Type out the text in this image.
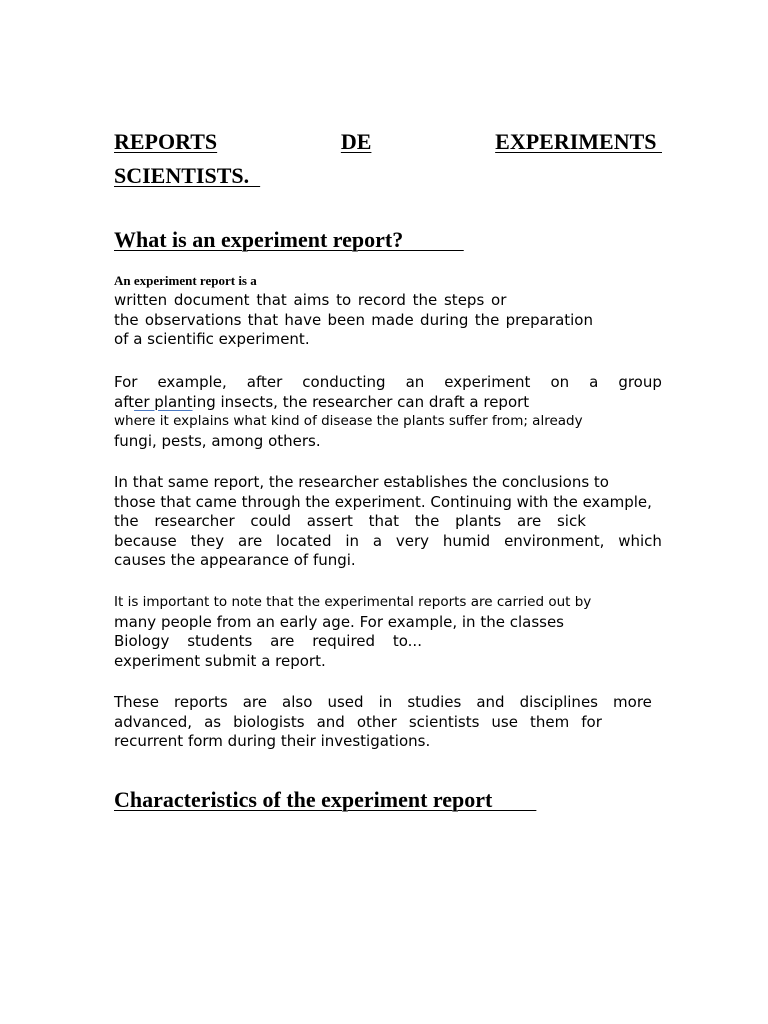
REPORTS	DE	EXPERIMENTS
SCIENTISTS.
What is an experiment report?
An experiment report is a
written document that aims to record the steps or
the observations that have been made during the preparation
of a scientific experiment.
For example, after conducting an experiment on a group
after planting insects, the researcher can draft a report
where it explains what kind of disease the plants suffer from; already
fungi, pests, among others.
In that same report, the researcher establishes the conclusions to
those that came through the experiment. Continuing with the example,
the researcher could assert that the plants are sick
because they are located in a very humid environment, which
causes the appearance of fungi.
It is important to note that the experimental reports are carried out by
many people from an early age. For example, in the classes
Biology students are required to...
experiment submit a report.
These reports are also used in studies and disciplines more
advanced, as biologists and other scientists use them for
recurrent form during their investigations.
Characteristics of the experiment report
